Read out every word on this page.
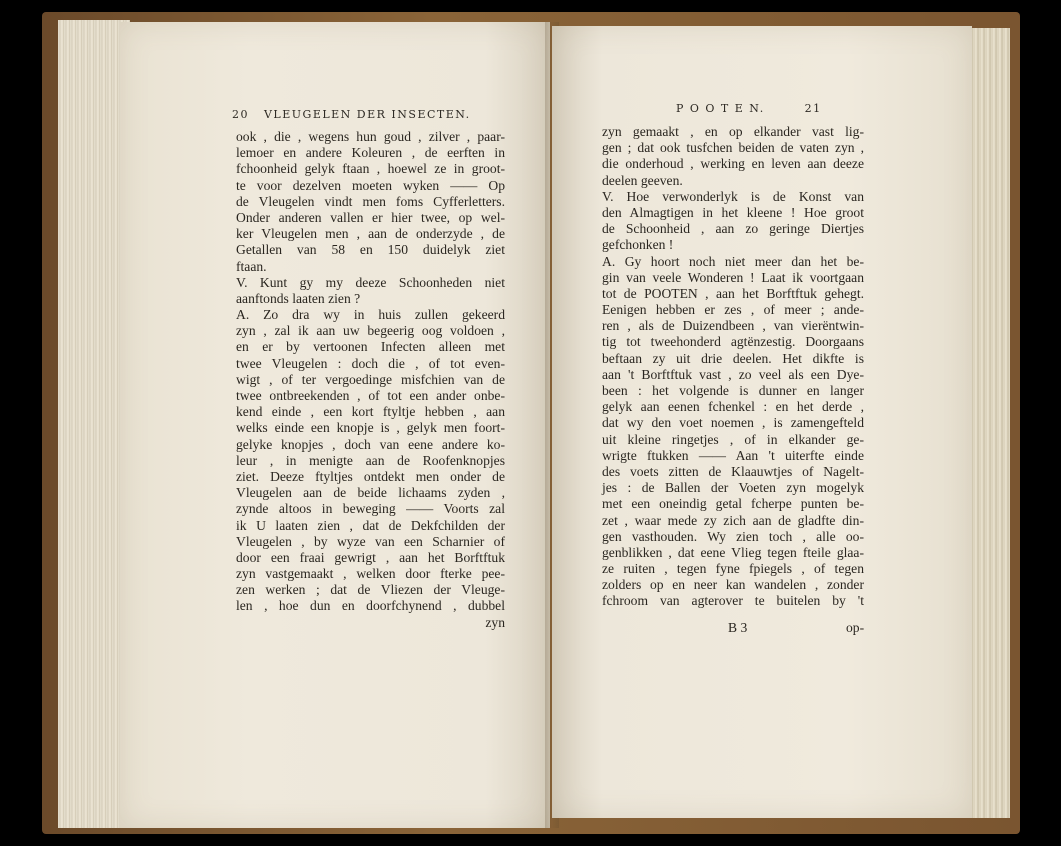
20   VLEUGELEN DER INSECTEN.
ook , die , wegens hun goud , zilver , paar-
lemoer en andere Koleuren , de eerften in
fchoonheid gelyk ftaan , hoewel ze in groot-
te voor dezelven moeten wyken —— Op
de Vleugelen vindt men foms Cyfferletters.
Onder anderen vallen er hier twee, op wel-
ker Vleugelen men , aan de onderzyde , de
Getallen van 58 en 150 duidelyk ziet
ftaan.
V. Kunt gy my deeze Schoonheden niet
aanftonds laaten zien ?
A. Zo dra wy in huis zullen gekeerd
zyn , zal ik aan uw begeerig oog voldoen ,
en er by vertoonen Infecten alleen met
twee Vleugelen : doch die , of tot even-
wigt , of ter vergoedinge misfchien van de
twee ontbreekenden , of tot een ander onbe-
kend einde , een kort ftyltje hebben , aan
welks einde een knopje is , gelyk men foort-
gelyke knopjes , doch van eene andere ko-
leur , in menigte aan de Roofenknopjes
ziet. Deeze ftyltjes ontdekt men onder de
Vleugelen aan de beide lichaams zyden ,
zynde altoos in beweging —— Voorts zal
ik U laaten zien , dat de Dekfchilden der
Vleugelen , by wyze van een Scharnier of
door een fraai gewrigt , aan het Borftftuk
zyn vastgemaakt , welken door fterke pee-
zen werken ; dat de Vliezen der Vleuge-
len , hoe dun en doorfchynend , dubbel
zyn
P O O T E N.        21
zyn gemaakt , en op elkander vast lig-
gen ; dat ook tusfchen beiden de vaten zyn ,
die onderhoud , werking en leven aan deeze
deelen geeven.
V. Hoe verwonderlyk is de Konst van
den Almagtigen in het kleene ! Hoe groot
de Schoonheid , aan zo geringe Diertjes
gefchonken !
A. Gy hoort noch niet meer dan het be-
gin van veele Wonderen ! Laat ik voortgaan
tot de POOTEN , aan het Borftftuk gehegt.
Eenigen hebben er zes , of meer ; ande-
ren , als de Duizendbeen , van vierëntwin-
tig tot tweehonderd agtënzestig. Doorgaans
beftaan zy uit drie deelen. Het dikfte is
aan 't Borftftuk vast , zo veel als een Dye-
been : het volgende is dunner en langer
gelyk aan eenen fchenkel : en het derde ,
dat wy den voet noemen , is zamengefteld
uit kleine ringetjes , of in elkander ge-
wrigte ftukken —— Aan 't uiterfte einde
des voets zitten de Klaauwtjes of Nagelt-
jes : de Ballen der Voeten zyn mogelyk
met een oneindig getal fcherpe punten be-
zet , waar mede zy zich aan de gladfte din-
gen vasthouden. Wy zien toch , alle oo-
genblikken , dat eene Vlieg tegen fteile glaa-
ze ruiten , tegen fyne fpiegels , of tegen
zolders op en neer kan wandelen , zonder
fchroom van agterover te buitelen by 't
B 3	op-
